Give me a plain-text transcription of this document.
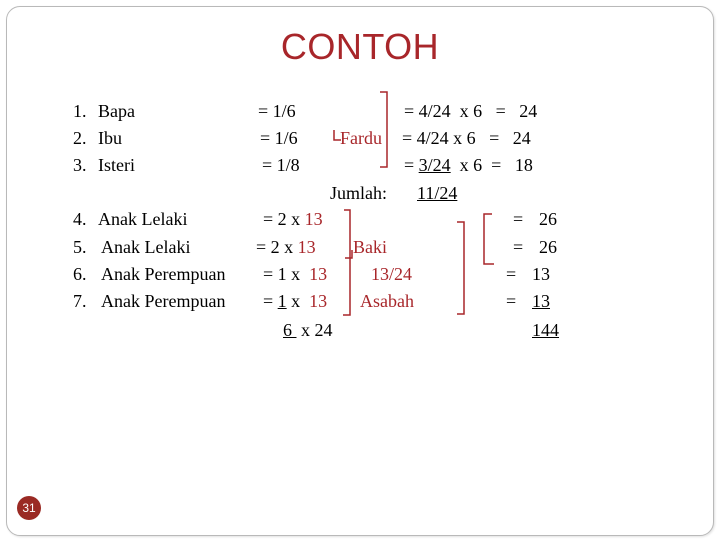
CONTOH
1. Bapa
2. Ibu
3. Isteri
4. Anak Lelaki
5. Anak Lelaki
6. Anak Perempuan
7. Anak Perempuan
= 1/6
= 1/6
= 1/8
Fardu
= 4/24  x 6   =   24
= 4/24 x 6   =   24
= 3/24  x 6  =   18
Jumlah: 11/24
= 2 x 13
= 2 x 13
= 1 x  13
= 1 x  13
6  x 24
Baki
13/24
Asabah
= 26
= 26
= 13
= 13
144
31
